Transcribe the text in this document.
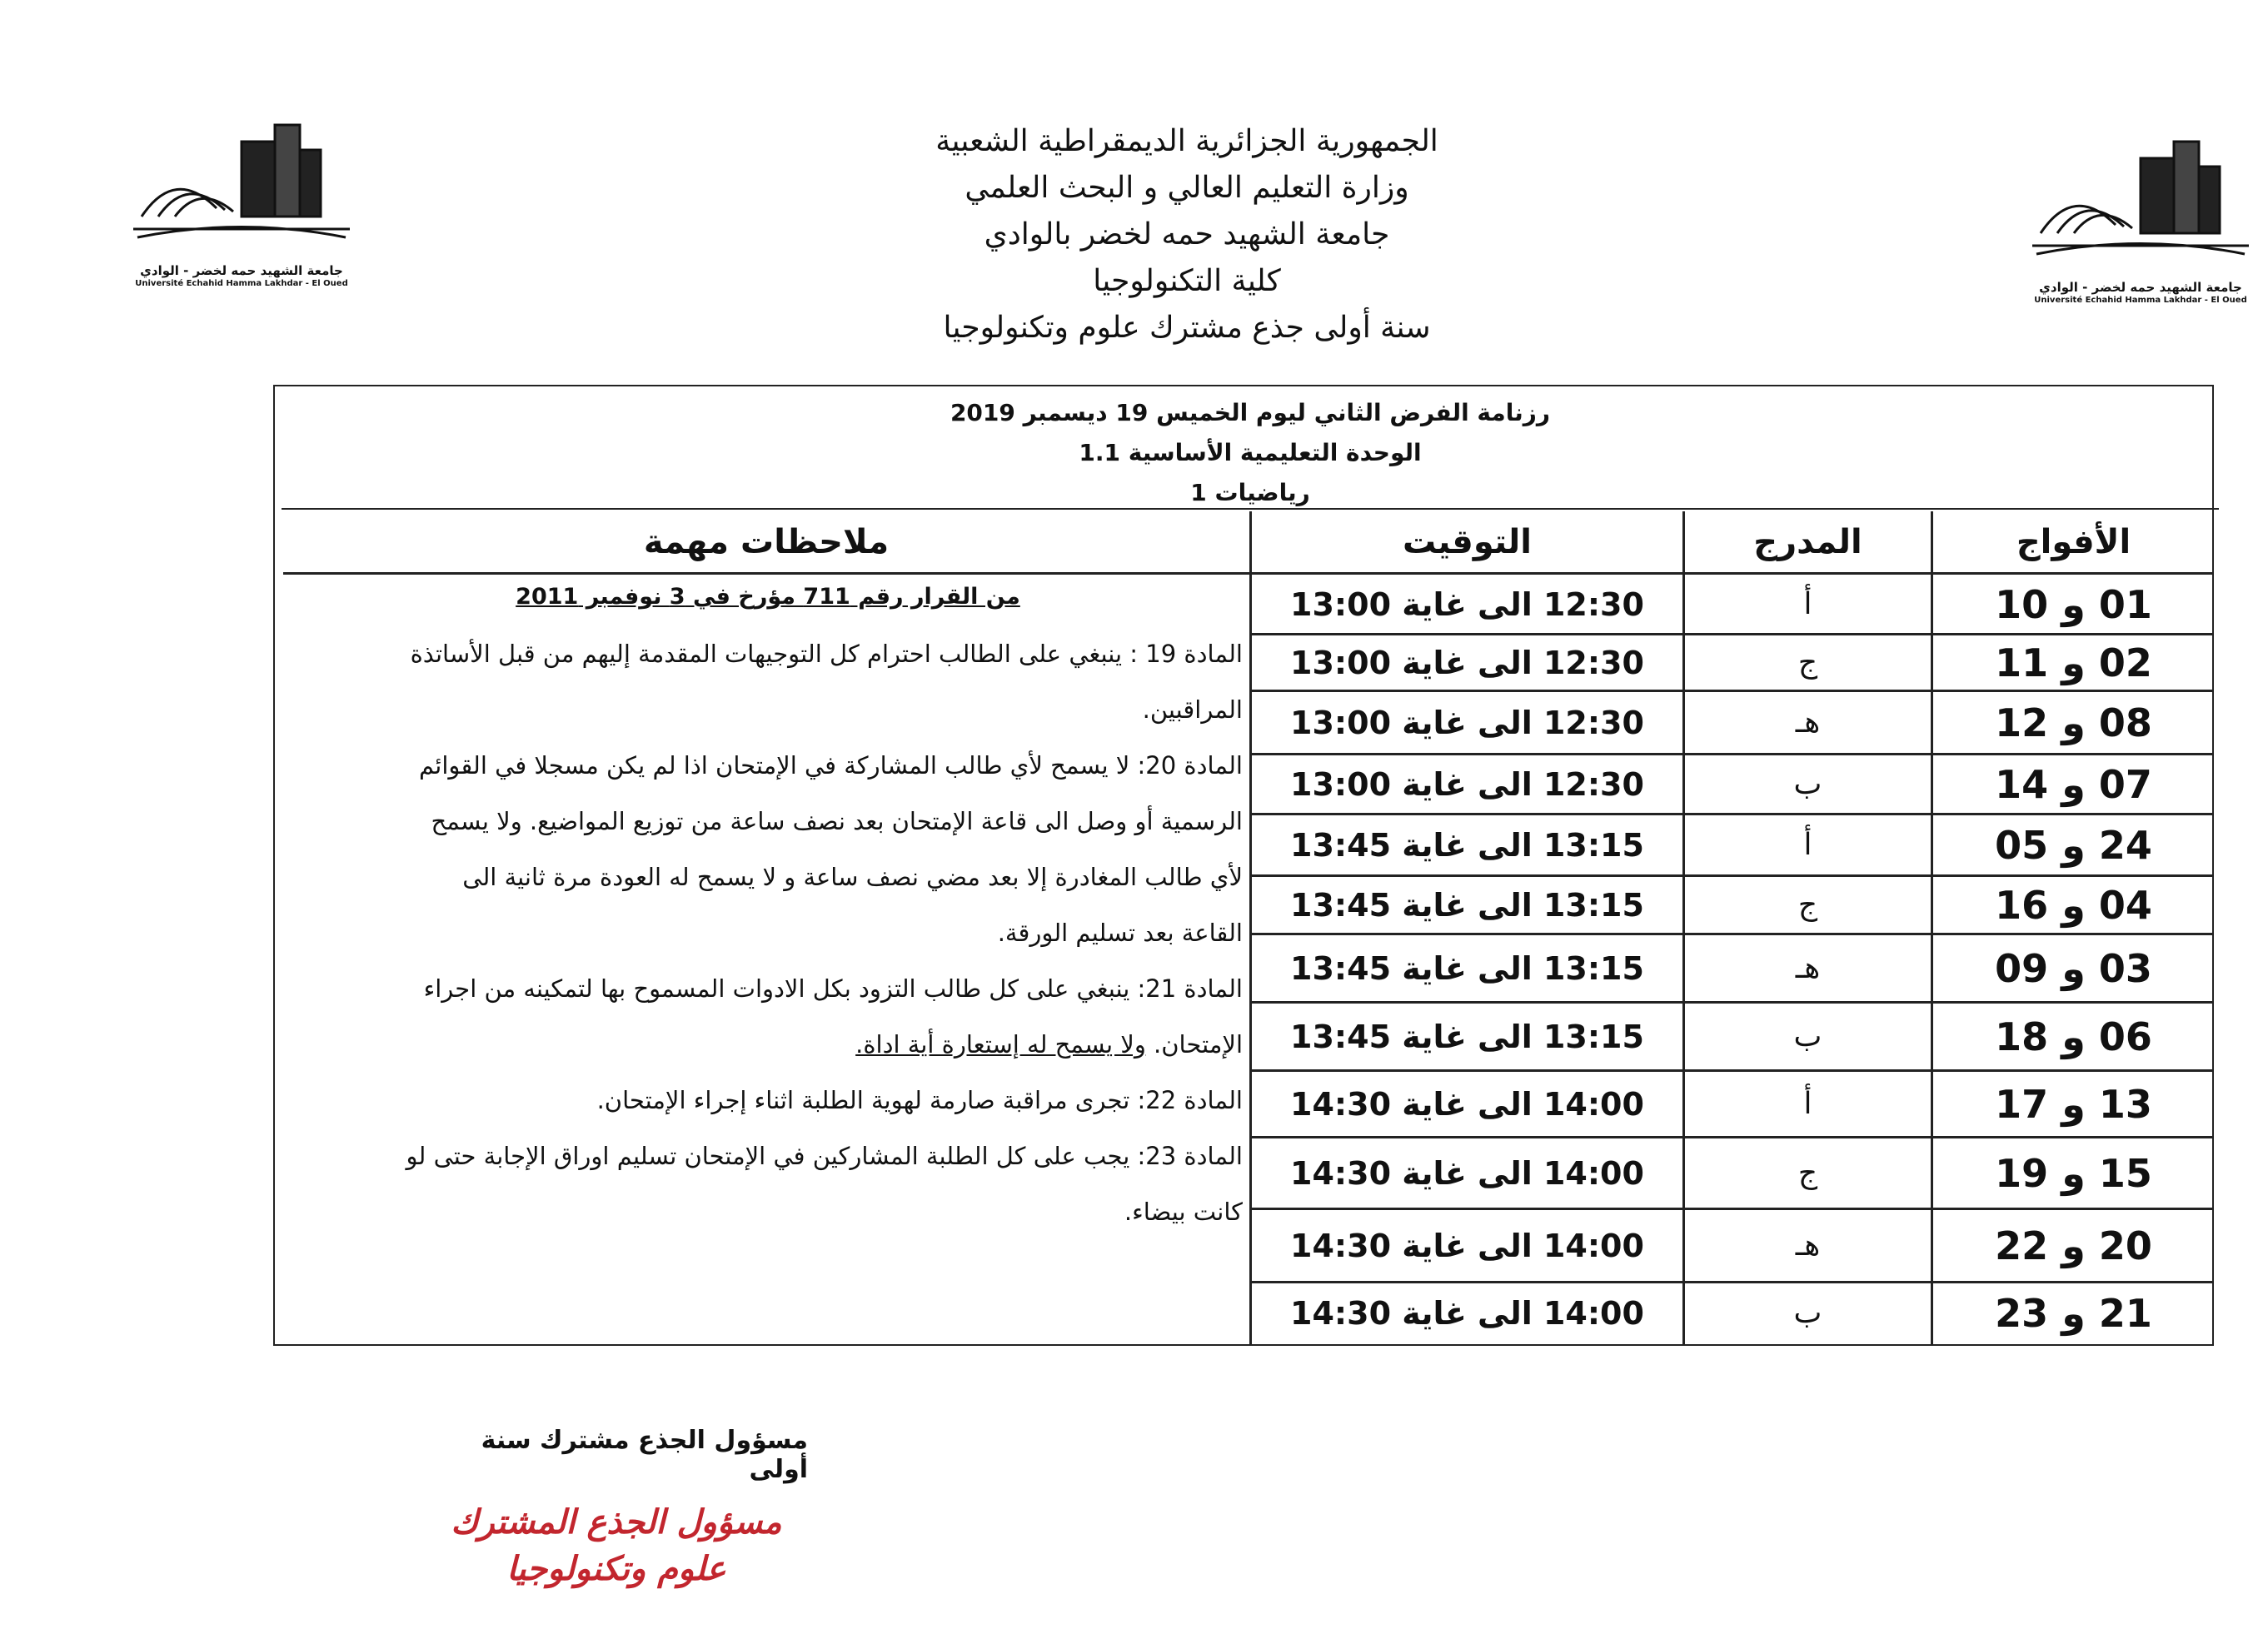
جامعة الشهيد حمه لخضر - الوادي
Université Echahid Hamma Lakhdar - El Oued	جامعة الشهيد حمه لخضر - الوادي
Université Echahid Hamma Lakhdar - El Oued
الجمهورية الجزائرية الديمقراطية الشعبية
وزارة التعليم العالي و البحث العلمي
جامعة الشهيد حمه لخضر بالوادي
كلية التكنولوجيا
سنة أولى جذع مشترك علوم وتكنولوجيا
رزنامة الفرض الثاني ليوم الخميس 19 ديسمبر 2019
الوحدة التعليمية الأساسية 1.1
رياضيات 1
الأفواج
المدرج
التوقيت
ملاحظات مهمة
01 و 10
أ
12:30 الى غاية 13:00
02 و 11
ج
12:30 الى غاية 13:00
08 و 12
هـ
12:30 الى غاية 13:00
07 و 14
ب
12:30 الى غاية 13:00
24 و 05
أ
13:15 الى غاية 13:45
04 و 16
ج
13:15 الى غاية 13:45
03 و 09
هـ
13:15 الى غاية 13:45
06 و 18
ب
13:15 الى غاية 13:45
13 و 17
أ
14:00 الى غاية 14:30
15 و 19
ج
14:00 الى غاية 14:30
20 و 22
هـ
14:00 الى غاية 14:30
21 و 23
ب
14:00 الى غاية 14:30
من القرار رقم 711 مؤرخ في 3 نوفمبر 2011
المادة 19 : ينبغي على الطالب احترام كل التوجيهات المقدمة إليهم من قبل الأساتذة
المراقبين.
المادة 20: لا يسمح لأي طالب المشاركة في الإمتحان اذا لم يكن مسجلا في القوائم
الرسمية أو وصل الى قاعة الإمتحان بعد نصف ساعة من توزيع المواضيع. ولا يسمح
لأي طالب المغادرة إلا بعد مضي نصف ساعة و لا يسمح له العودة مرة ثانية الى
القاعة بعد تسليم الورقة.
المادة 21: ينبغي على كل طالب التزود بكل الادوات المسموح بها لتمكينه من اجراء
الإمتحان. ولا يسمح له إستعارة أية اداة.
المادة 22: تجرى مراقبة صارمة لهوية الطلبة اثناء إجراء الإمتحان.
المادة 23: يجب على كل الطلبة المشاركين في الإمتحان تسليم اوراق الإجابة حتى لو
كانت بيضاء.
مسؤول الجذع مشترك سنة أولى
مسؤول الجذع المشترك
علوم وتكنولوجيا
